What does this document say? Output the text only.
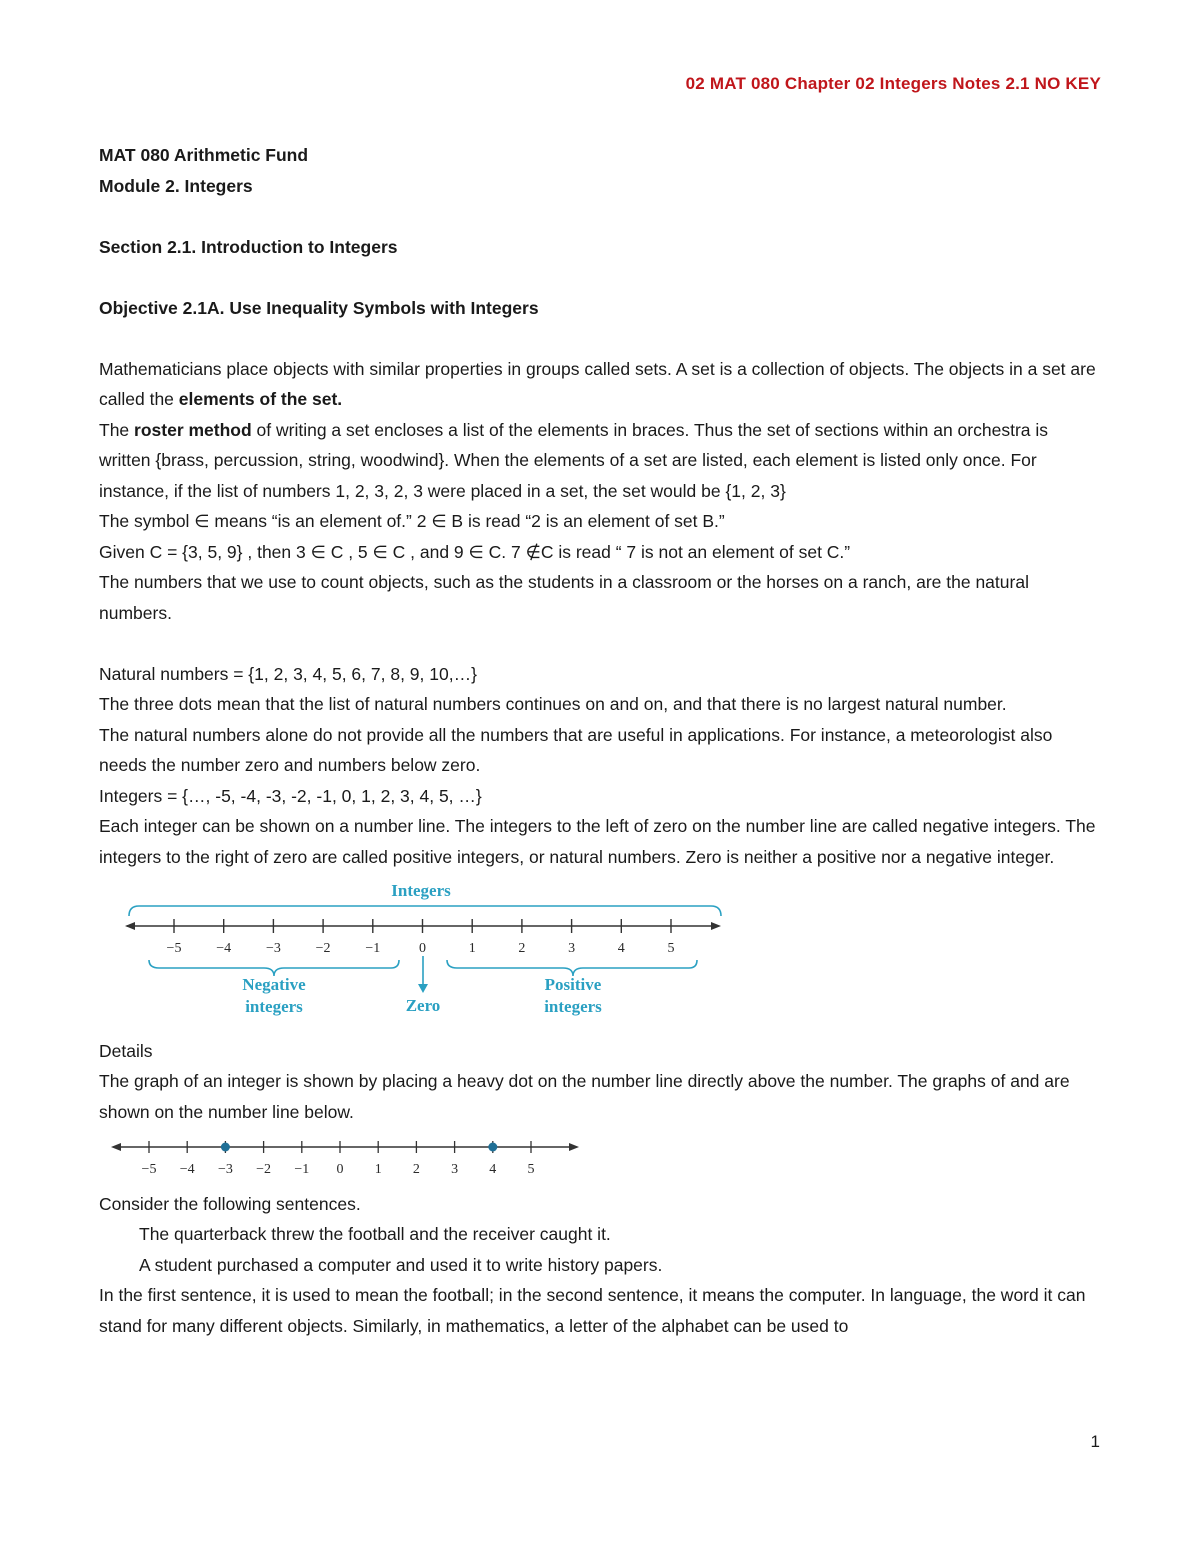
02 MAT 080 Chapter 02 Integers Notes 2.1 NO KEY

MAT 080 Arithmetic Fund

Module 2. Integers

Section 2.1. Introduction to Integers

Objective 2.1A. Use Inequality Symbols with Integers

Mathematicians place objects with similar properties in groups called sets. A set is a collection of objects. The objects in a set are called the elements of the set.

The roster method of writing a set encloses a list of the elements in braces. Thus the set of sections within an orchestra is written {brass, percussion, string, woodwind}. When the elements of a set are listed, each element is listed only once. For instance, if the list of numbers 1, 2, 3, 2, 3 were placed in a set, the set would be {1, 2, 3}

The symbol ∈ means “is an element of.” 2 ∈ B is read “2 is an element of set B.”

Given C = {3, 5, 9} , then 3 ∈ C , 5 ∈ C , and 9 ∈ C. 7 ∉C is read “ 7 is not an element of set C.”

The numbers that we use to count objects, such as the students in a classroom or the horses on a ranch, are the natural numbers.

Natural numbers = {1, 2, 3, 4, 5, 6, 7, 8, 9, 10,…}

The three dots mean that the list of natural numbers continues on and on, and that there is no largest natural number.

The natural numbers alone do not provide all the numbers that are useful in applications. For instance, a meteorologist also needs the number zero and numbers below zero.

Integers = {…, -5, -4, -3, -2, -1, 0, 1, 2, 3, 4, 5, …}

Each integer can be shown on a number line. The integers to the left of zero on the number line are called negative integers. The integers to the right of zero are called positive integers, or natural numbers. Zero is neither a positive nor a negative integer.

Integers
−5 −4 −3 −2 −1	0	1	2	3	4	5
Negative
integers	Zero
Positive
integers

Details

The graph of an integer is shown by placing a heavy dot on the number line directly above the number. The graphs of and are shown on the number line below.

−5 −4 −3 −2 −1 0 1 2 3 4 5

Consider the following sentences.

The quarterback threw the football and the receiver caught it.

A student purchased a computer and used it to write history papers.

In the first sentence, it is used to mean the football; in the second sentence, it means the computer. In language, the word it can stand for many different objects. Similarly, in mathematics, a letter of the alphabet can be used to

1
